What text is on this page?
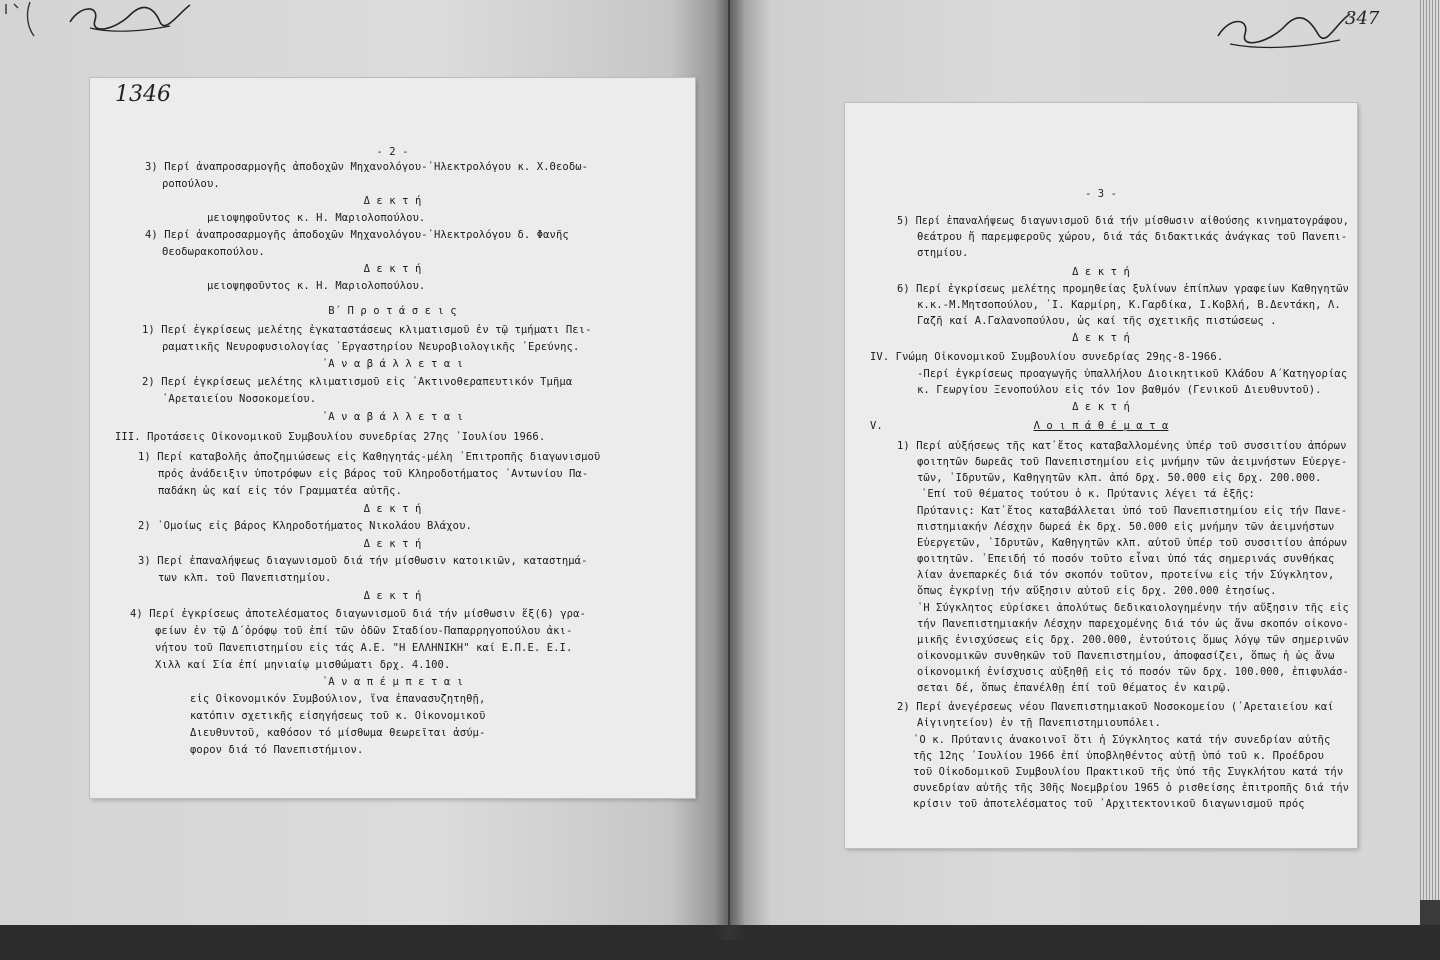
347
1346
- 2 -
3) Περί ἀναπροσαρμογῆς ἀποδοχῶν Μηχανολόγου-᾿Ηλεκτρολόγου κ. Χ.Θεοδω-
ροπούλου.
Δ ε κ τ ή
μειοψηφοῦντος κ. Η. Μαριολοπούλου.
4) Περί ἀναπροσαρμογῆς ἀποδοχῶν Μηχανολόγου-᾿Ηλεκτρολόγου δ. Φανῆς
Θεοδωρακοπούλου.
Δ ε κ τ ή
μειοψηφοῦντος κ. Η. Μαριολοπούλου.
Β΄ Π ρ ο τ ά σ ε ι ς
1) Περί ἐγκρίσεως μελέτης ἐγκαταστάσεως κλιματισμοῦ ἐν τῷ τμήματι Πει-
ραματικῆς Νευροφυσιολογίας ᾿Εργαστηρίου Νευροβιολογικῆς ᾿Ερεύνης.
᾿Α ν α β ά λ λ ε τ α ι
2) Περί ἐγκρίσεως μελέτης κλιματισμοῦ εἰς ᾿Ακτινοθεραπευτικόν Τμῆμα
᾿Αρεταιείου Νοσοκομείου.
᾿Α ν α β ά λ λ ε τ α ι
III. Προτάσεις Οἰκονομικοῦ Συμβουλίου συνεδρίας 27ης ᾿Ιουλίου 1966.
1) Περί καταβολῆς ἀποζημιώσεως εἰς Καθηγητάς-μέλη ᾿Επιτροπῆς διαγωνισμοῦ
πρός ἀνάδειξιν ὑποτρόφων εἰς βάρος τοῦ Κληροδοτήματος ᾿Αντωνίου Πα-
παδάκη ὡς καί εἰς τόν Γραμματέα αὐτῆς.
Δ ε κ τ ή
2) ῾Ομοίως εἰς βάρος Κληροδοτήματος Νικολάου Βλάχου.
Δ ε κ τ ή
3) Περί ἐπαναλήψεως διαγωνισμοῦ διά τήν μίσθωσιν κατοικιῶν, καταστημά-
των κλπ. τοῦ Πανεπιστημίου.
Δ ε κ τ ή
4) Περί ἐγκρίσεως ἀποτελέσματος διαγωνισμοῦ διά τήν μίσθωσιν ἕξ(6) γρα-
φείων ἐν τῷ Δ΄ὀρόφῳ τοῦ ἐπί τῶν ὁδῶν Σταδίου-Παπαρρηγοπούλου ἀκι-
νήτου τοῦ Πανεπιστημίου εἰς τάς Α.Ε. "Η ΕΛΛΗΝΙΚΗ" καί Ε.Π.Ε. Ε.Ι.
Χιλλ καί Σία ἐπί μηνιαίῳ μισθώματι δρχ. 4.100.
᾿Α ν α π έ μ π ε τ α ι
εἰς Οἰκονομικόν Συμβούλιον, ἵνα ἐπανασυζητηθῇ,
κατόπιν σχετικῆς εἰσηγήσεως τοῦ κ. Οἰκονομικοῦ
Διευθυντοῦ, καθόσον τό μίσθωμα θεωρεῖται ἀσύμ-
φορον διά τό Πανεπιστήμιον.
- 3 -
5) Περί ἐπαναλήψεως διαγωνισμοῦ διά τήν μίσθωσιν αἰθούσης κινηματογράφου,
θεάτρου ἤ παρεμφεροῦς χώρου, διά τάς διδακτικάς ἀνάγκας τοῦ Πανεπι-
στημίου.
Δ ε κ τ ή
6) Περί ἐγκρίσεως μελέτης προμηθείας ξυλίνων ἐπίπλων γραφείων Καθηγητῶν
κ.κ.-Μ.Μητσοπούλου, ᾿Ι. Καρμίρη, Κ.Γαρδίκα, Ι.Κοβλή, Β.Δεντάκη, Λ.
Γαζῆ καί Α.Γαλανοπούλου, ὡς καί τῆς σχετικῆς πιστώσεως .
Δ ε κ τ ή
IV. Γνώμη Οἰκονομικοῦ Συμβουλίου συνεδρίας 29ης-8-1966.
-Περί ἐγκρίσεως προαγωγῆς ὑπαλλήλου Διοικητικοῦ Κλάδου Α΄Κατηγορίας
κ. Γεωργίου Ξενοπούλου εἰς τόν 1ον βαθμόν (Γενικοῦ Διευθυντοῦ).
Δ ε κ τ ή
V.	Λ ο ι π ά θ έ μ α τ α
1) Περί αὐξήσεως τῆς κατ᾿ἔτος καταβαλλομένης ὑπέρ τοῦ συσσιτίου ἀπόρων
φοιτητῶν δωρεᾶς τοῦ Πανεπιστημίου εἰς μνήμην τῶν ἀειμνήστων Εὐεργε-
τῶν, ῾Ιδρυτῶν, Καθηγητῶν κλπ. ἀπό δρχ. 50.000 εἰς δρχ. 200.000.
᾿Επί τοῦ θέματος τούτου ὁ κ. Πρύτανις λέγει τά ἑξῆς:
Πρύτανις: Κατ᾿ἔτος καταβάλλεται ὑπό τοῦ Πανεπιστημίου εἰς τήν Πανε-
πιστημιακήν Λέσχην δωρεά ἐκ δρχ. 50.000 εἰς μνήμην τῶν ἀειμνήστων
Εὐεργετῶν, ῾Ιδρυτῶν, Καθηγητῶν κλπ. αὐτοῦ ὑπέρ τοῦ συσσιτίου ἀπόρων
φοιτητῶν. ᾿Επειδή τό ποσόν τοῦτο εἶναι ὑπό τάς σημερινάς συνθήκας
λίαν ἀνεπαρκές διά τόν σκοπόν τοῦτον, προτείνω εἰς τήν Σύγκλητον,
ὅπως ἐγκρίνῃ τήν αὔξησιν αὐτοῦ εἰς δρχ. 200.000 ἐτησίως.
῾Η Σύγκλητος εὑρίσκει ἀπολύτως δεδικαιολογημένην τήν αὔξησιν τῆς εἰς
τήν Πανεπιστημιακήν Λέσχην παρεχομένης διά τόν ὡς ἄνω σκοπόν οἰκονο-
μικῆς ἐνισχύσεως εἰς δρχ. 200.000, ἐντούτοις ὅμως λόγῳ τῶν σημερινῶν
οἰκονομικῶν συνθηκῶν τοῦ Πανεπιστημίου, ἀποφασίζει, ὅπως ἡ ὡς ἄνω
οἰκονομική ἐνίσχυσις αὐξηθῇ εἰς τό ποσόν τῶν δρχ. 100.000, ἐπιφυλάσ-
σεται δέ, ὅπως ἐπανέλθῃ ἐπί τοῦ θέματος ἐν καιρῷ.
2) Περί ἀνεγέρσεως νέου Πανεπιστημιακοῦ Νοσοκομείου (᾿Αρεταιείου καί
Αἰγινητείου) ἐν τῇ Πανεπιστημιουπόλει.
῾Ο κ. Πρύτανις ἀνακοινοῖ ὅτι ἡ Σύγκλητος κατά τήν συνεδρίαν αὐτῆς
τῆς 12ης ᾿Ιουλίου 1966 ἐπί ὑποβληθέντος αὐτῇ ὑπό τοῦ κ. Προέδρου
τοῦ Οἰκοδομικοῦ Συμβουλίου Πρακτικοῦ τῆς ὑπό τῆς Συγκλήτου κατά τήν
συνεδρίαν αὐτῆς τῆς 30ῆς Νοεμβρίου 1965 ὁ ρισθείσης ἐπιτροπῆς διά τήν
κρίσιν τοῦ ἀποτελέσματος τοῦ ᾿Αρχιτεκτονικοῦ διαγωνισμοῦ πρός
